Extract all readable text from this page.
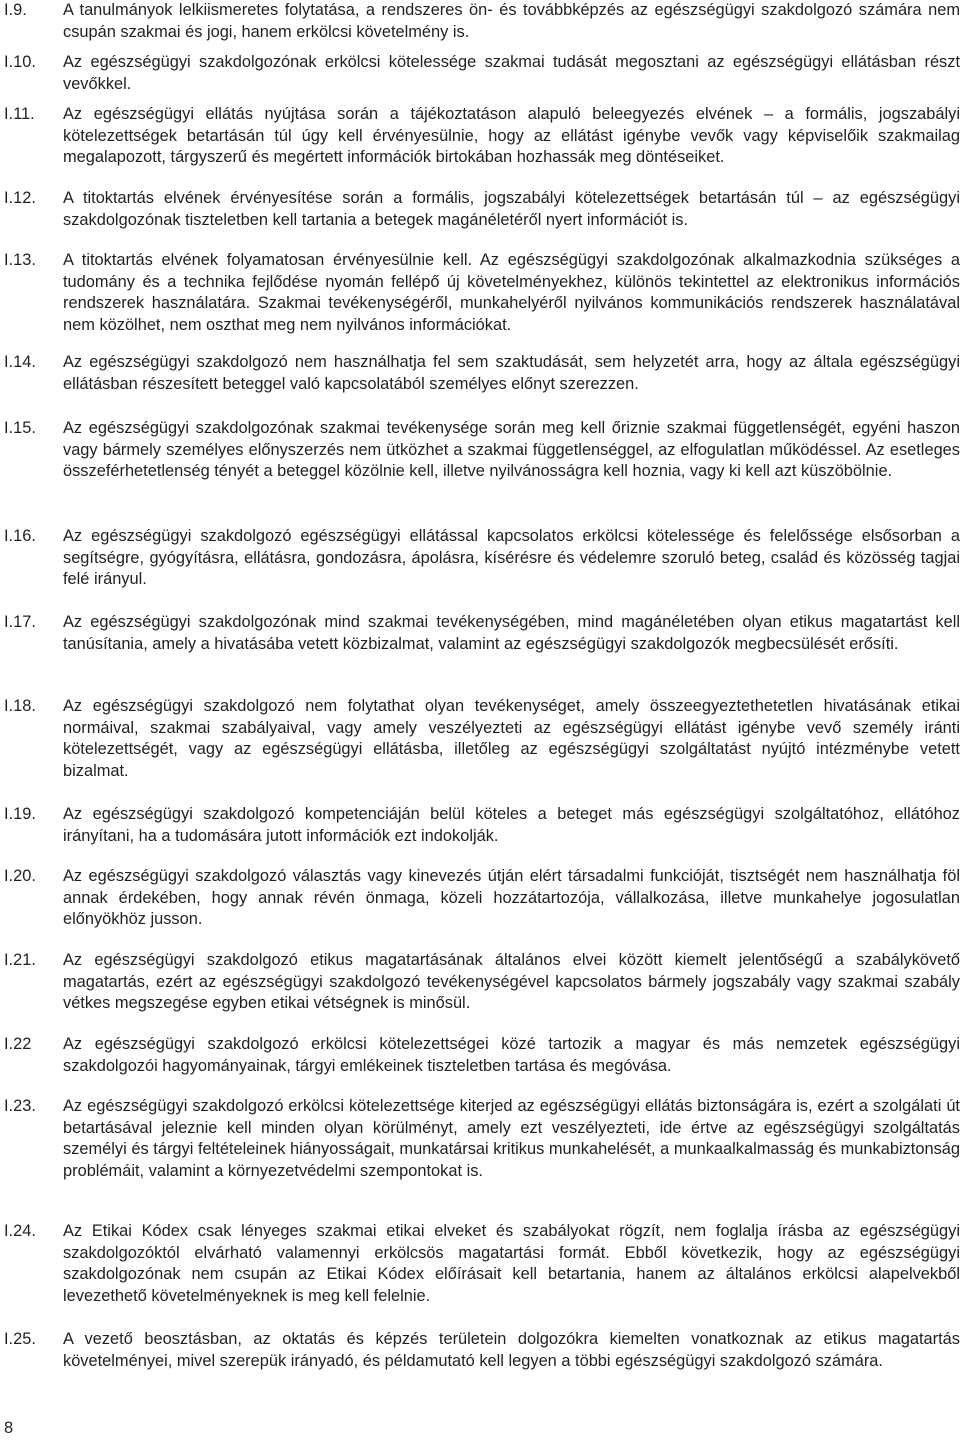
I.9.	A tanulmányok lelkiismeretes folytatása, a rendszeres ön- és továbbképzés az egészségügyi szakdolgozó számára nem csupán szakmai és jogi, hanem erkölcsi követelmény is.
I.10.	Az egészségügyi szakdolgozónak erkölcsi kötelessége szakmai tudását megosztani az egészségügyi ellátásban részt vevőkkel.
I.11.	Az egészségügyi ellátás nyújtása során a tájékoztatáson alapuló beleegyezés elvének – a formális, jogszabályi kötelezettségek betartásán túl úgy kell érvényesülnie, hogy az ellátást igénybe vevők vagy képviselőik szakmailag megalapozott, tárgyszerű és megértett információk birtokában hozhassák meg döntéseiket.
I.12.	A titoktartás elvének érvényesítése során a formális, jogszabályi kötelezettségek betartásán túl – az egészségügyi szakdolgozónak tiszteletben kell tartania a betegek magánéletéről nyert információt is.
I.13.	A titoktartás elvének folyamatosan érvényesülnie kell. Az egészségügyi szakdolgozónak alkalmazkodnia szükséges a tudomány és a technika fejlődése nyomán fellépő új követelményekhez, különös tekintettel az elektronikus információs rendszerek használatára. Szakmai tevékenységéről, munkahelyéről nyilvános kommunikációs rendszerek használatával nem közölhet, nem oszthat meg nem nyilvános információkat.
I.14.	Az egészségügyi szakdolgozó nem használhatja fel sem szaktudását, sem helyzetét arra, hogy az általa egészségügyi ellátásban részesített beteggel való kapcsolatából személyes előnyt szerezzen.
I.15.	Az egészségügyi szakdolgozónak szakmai tevékenysége során meg kell őriznie szakmai függetlenségét, egyéni haszon vagy bármely személyes előnyszerzés nem ütközhet a szakmai függetlenséggel, az elfogulatlan működéssel. Az esetleges összeférhetetlenség tényét a beteggel közölnie kell, illetve nyilvánosságra kell hoznia, vagy ki kell azt küszöbölnie.
I.16.	Az egészségügyi szakdolgozó egészségügyi ellátással kapcsolatos erkölcsi kötelessége és felelőssége elsősorban a segítségre, gyógyításra, ellátásra, gondozásra, ápolásra, kísérésre és védelemre szoruló beteg, család és közösség tagjai felé irányul.
I.17.	Az egészségügyi szakdolgozónak mind szakmai tevékenységében, mind magánéletében olyan etikus magatartást kell tanúsítania, amely a hivatásába vetett közbizalmat, valamint az egészségügyi szakdolgozók megbecsülését erősíti.
I.18.	Az egészségügyi szakdolgozó nem folytathat olyan tevékenységet, amely összeegyeztethetetlen hivatásának etikai normáival, szakmai szabályaival, vagy amely veszélyezteti az egészségügyi ellátást igénybe vevő személy iránti kötelezettségét, vagy az egészségügyi ellátásba, illetőleg az egészségügyi szolgáltatást nyújtó intézménybe vetett bizalmat.
I.19.	Az egészségügyi szakdolgozó kompetenciáján belül köteles a beteget más egészségügyi szolgáltatóhoz, ellátóhoz irányítani, ha a tudomására jutott információk ezt indokolják.
I.20.	Az egészségügyi szakdolgozó választás vagy kinevezés útján elért társadalmi funkcióját, tisztségét nem használhatja föl annak érdekében, hogy annak révén önmaga, közeli hozzátartozója, vállalkozása, illetve munkahelye jogosulatlan előnyökhöz jusson.
I.21.	Az egészségügyi szakdolgozó etikus magatartásának általános elvei között kiemelt jelentőségű a szabálykövető magatartás, ezért az egészségügyi szakdolgozó tevékenységével kapcsolatos bármely jogszabály vagy szakmai szabály vétkes megszegése egyben etikai vétségnek is minősül.
I.22	Az egészségügyi szakdolgozó erkölcsi kötelezettségei közé tartozik a magyar és más nemzetek egészségügyi szakdolgozói hagyományainak, tárgyi emlékeinek tiszteletben tartása és megóvása.
I.23.	Az egészségügyi szakdolgozó erkölcsi kötelezettsége kiterjed az egészségügyi ellátás biztonságára is, ezért a szolgálati út betartásával jeleznie kell minden olyan körülményt, amely ezt veszélyezteti, ide értve az egészségügyi szolgáltatás személyi és tárgyi feltételeinek hiányosságait, munkatársai kritikus munkahelését, a munkaalkalmasság és munkabiztonság problémáit, valamint a környezetvédelmi szempontokat is.
I.24.	Az Etikai Kódex csak lényeges szakmai etikai elveket és szabályokat rögzít, nem foglalja írásba az egészségügyi szakdolgozóktól elvárható valamennyi erkölcsös magatartási formát. Ebből következik, hogy az egészségügyi szakdolgozónak nem csupán az Etikai Kódex előírásait kell betartania, hanem az általános erkölcsi alapelvekből levezethető követelményeknek is meg kell felelnie.
I.25.	A vezető beosztásban, az oktatás és képzés területein dolgozókra kiemelten vonatkoznak az etikus magatartás követelményei, mivel szerepük irányadó, és példamutató kell legyen a többi egészségügyi szakdolgozó számára.
8
